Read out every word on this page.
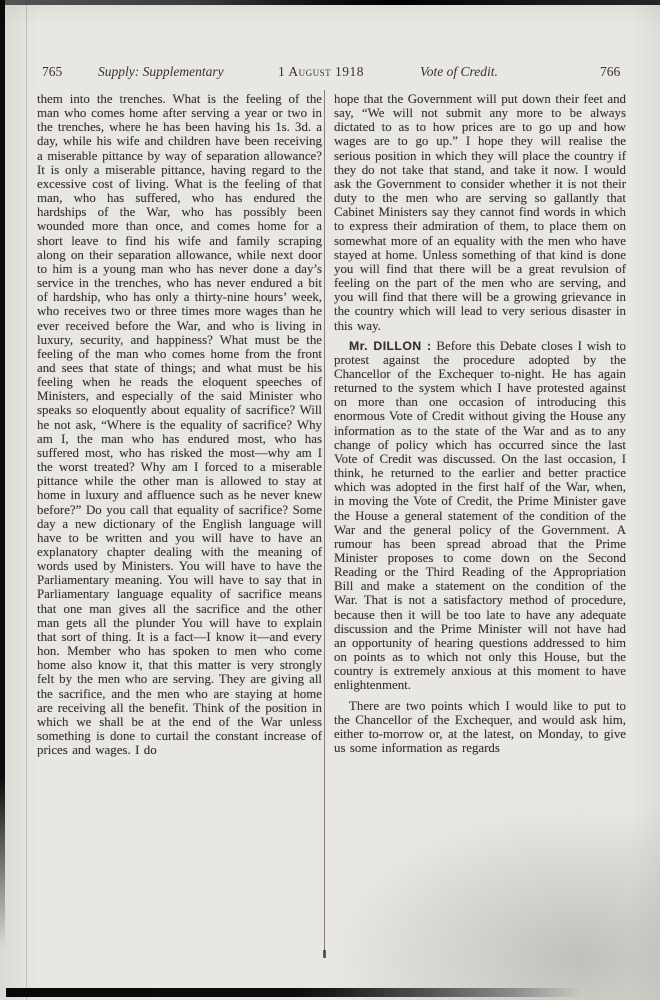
765	Supply: Supplementary	1 August 1918	Vote of Credit.	766

them into the trenches. What is the feeling of the man who comes home after serving a year or two in the trenches, where he has been having his 1s. 3d. a day, while his wife and children have been receiving a miserable pittance by way of separation allowance? It is only a miserable pittance, having regard to the excessive cost of living. What is the feeling of that man, who has suffered, who has endured the hardships of the War, who has possibly been wounded more than once, and comes home for a short leave to find his wife and family scraping along on their separation allowance, while next door to him is a young man who has never done a day’s service in the trenches, who has never endured a bit of hardship, who has only a thirty-nine hours’ week, who receives two or three times more wages than he ever received before the War, and who is living in luxury, security, and happiness? What must be the feeling of the man who comes home from the front and sees that state of things; and what must be his feeling when he reads the eloquent speeches of Ministers, and especially of the said Minister who speaks so eloquently about equality of sacrifice? Will he not ask, “Where is the equality of sacrifice? Why am I, the man who has endured most, who has suffered most, who has risked the most—why am I the worst treated? Why am I forced to a miserable pittance while the other man is allowed to stay at home in luxury and affluence such as he never knew before?” Do you call that equality of sacrifice? Some day a new dictionary of the English language will have to be written and you will have to have an explanatory chapter dealing with the meaning of words used by Ministers. You will have to have the Parliamentary meaning. You will have to say that in Parliamentary language equality of sacrifice means that one man gives all the sacrifice and the other man gets all the plunder You will have to explain that sort of thing. It is a fact—I know it—and every hon. Member who has spoken to men who come home also know it, that this matter is very strongly felt by the men who are serving. They are giving all the sacrifice, and the men who are staying at home are receiving all the benefit. Think of the position in which we shall be at the end of the War unless something is done to curtail the constant increase of prices and wages. I do

hope that the Government will put down their feet and say, “We will not submit any more to be always dictated to as to how prices are to go up and how wages are to go up.” I hope they will realise the serious position in which they will place the country if they do not take that stand, and take it now. I would ask the Government to consider whether it is not their duty to the men who are serving so gallantly that Cabinet Ministers say they cannot find words in which to express their admiration of them, to place them on somewhat more of an equality with the men who have stayed at home. Unless something of that kind is done you will find that there will be a great revulsion of feeling on the part of the men who are serving, and you will find that there will be a growing grievance in the country which will lead to very serious disaster in this way.

Mr. DILLON : Before this Debate closes I wish to protest against the procedure adopted by the Chancellor of the Exchequer to-night. He has again returned to the system which I have protested against on more than one occasion of introducing this enormous Vote of Credit without giving the House any information as to the state of the War and as to any change of policy which has occurred since the last Vote of Credit was discussed. On the last occasion, I think, he returned to the earlier and better practice which was adopted in the first half of the War, when, in moving the Vote of Credit, the Prime Minister gave the House a general statement of the condition of the War and the general policy of the Government. A rumour has been spread abroad that the Prime Minister proposes to come down on the Second Reading or the Third Reading of the Appropriation Bill and make a statement on the condition of the War. That is not a satisfactory method of procedure, because then it will be too late to have any adequate discussion and the Prime Minister will not have had an opportunity of hearing questions addressed to him on points as to which not only this House, but the country is extremely anxious at this moment to have enlightenment.

There are two points which I would like to put to the Chancellor of the Exchequer, and would ask him, either to-morrow or, at the latest, on Monday, to give us some information as regards
